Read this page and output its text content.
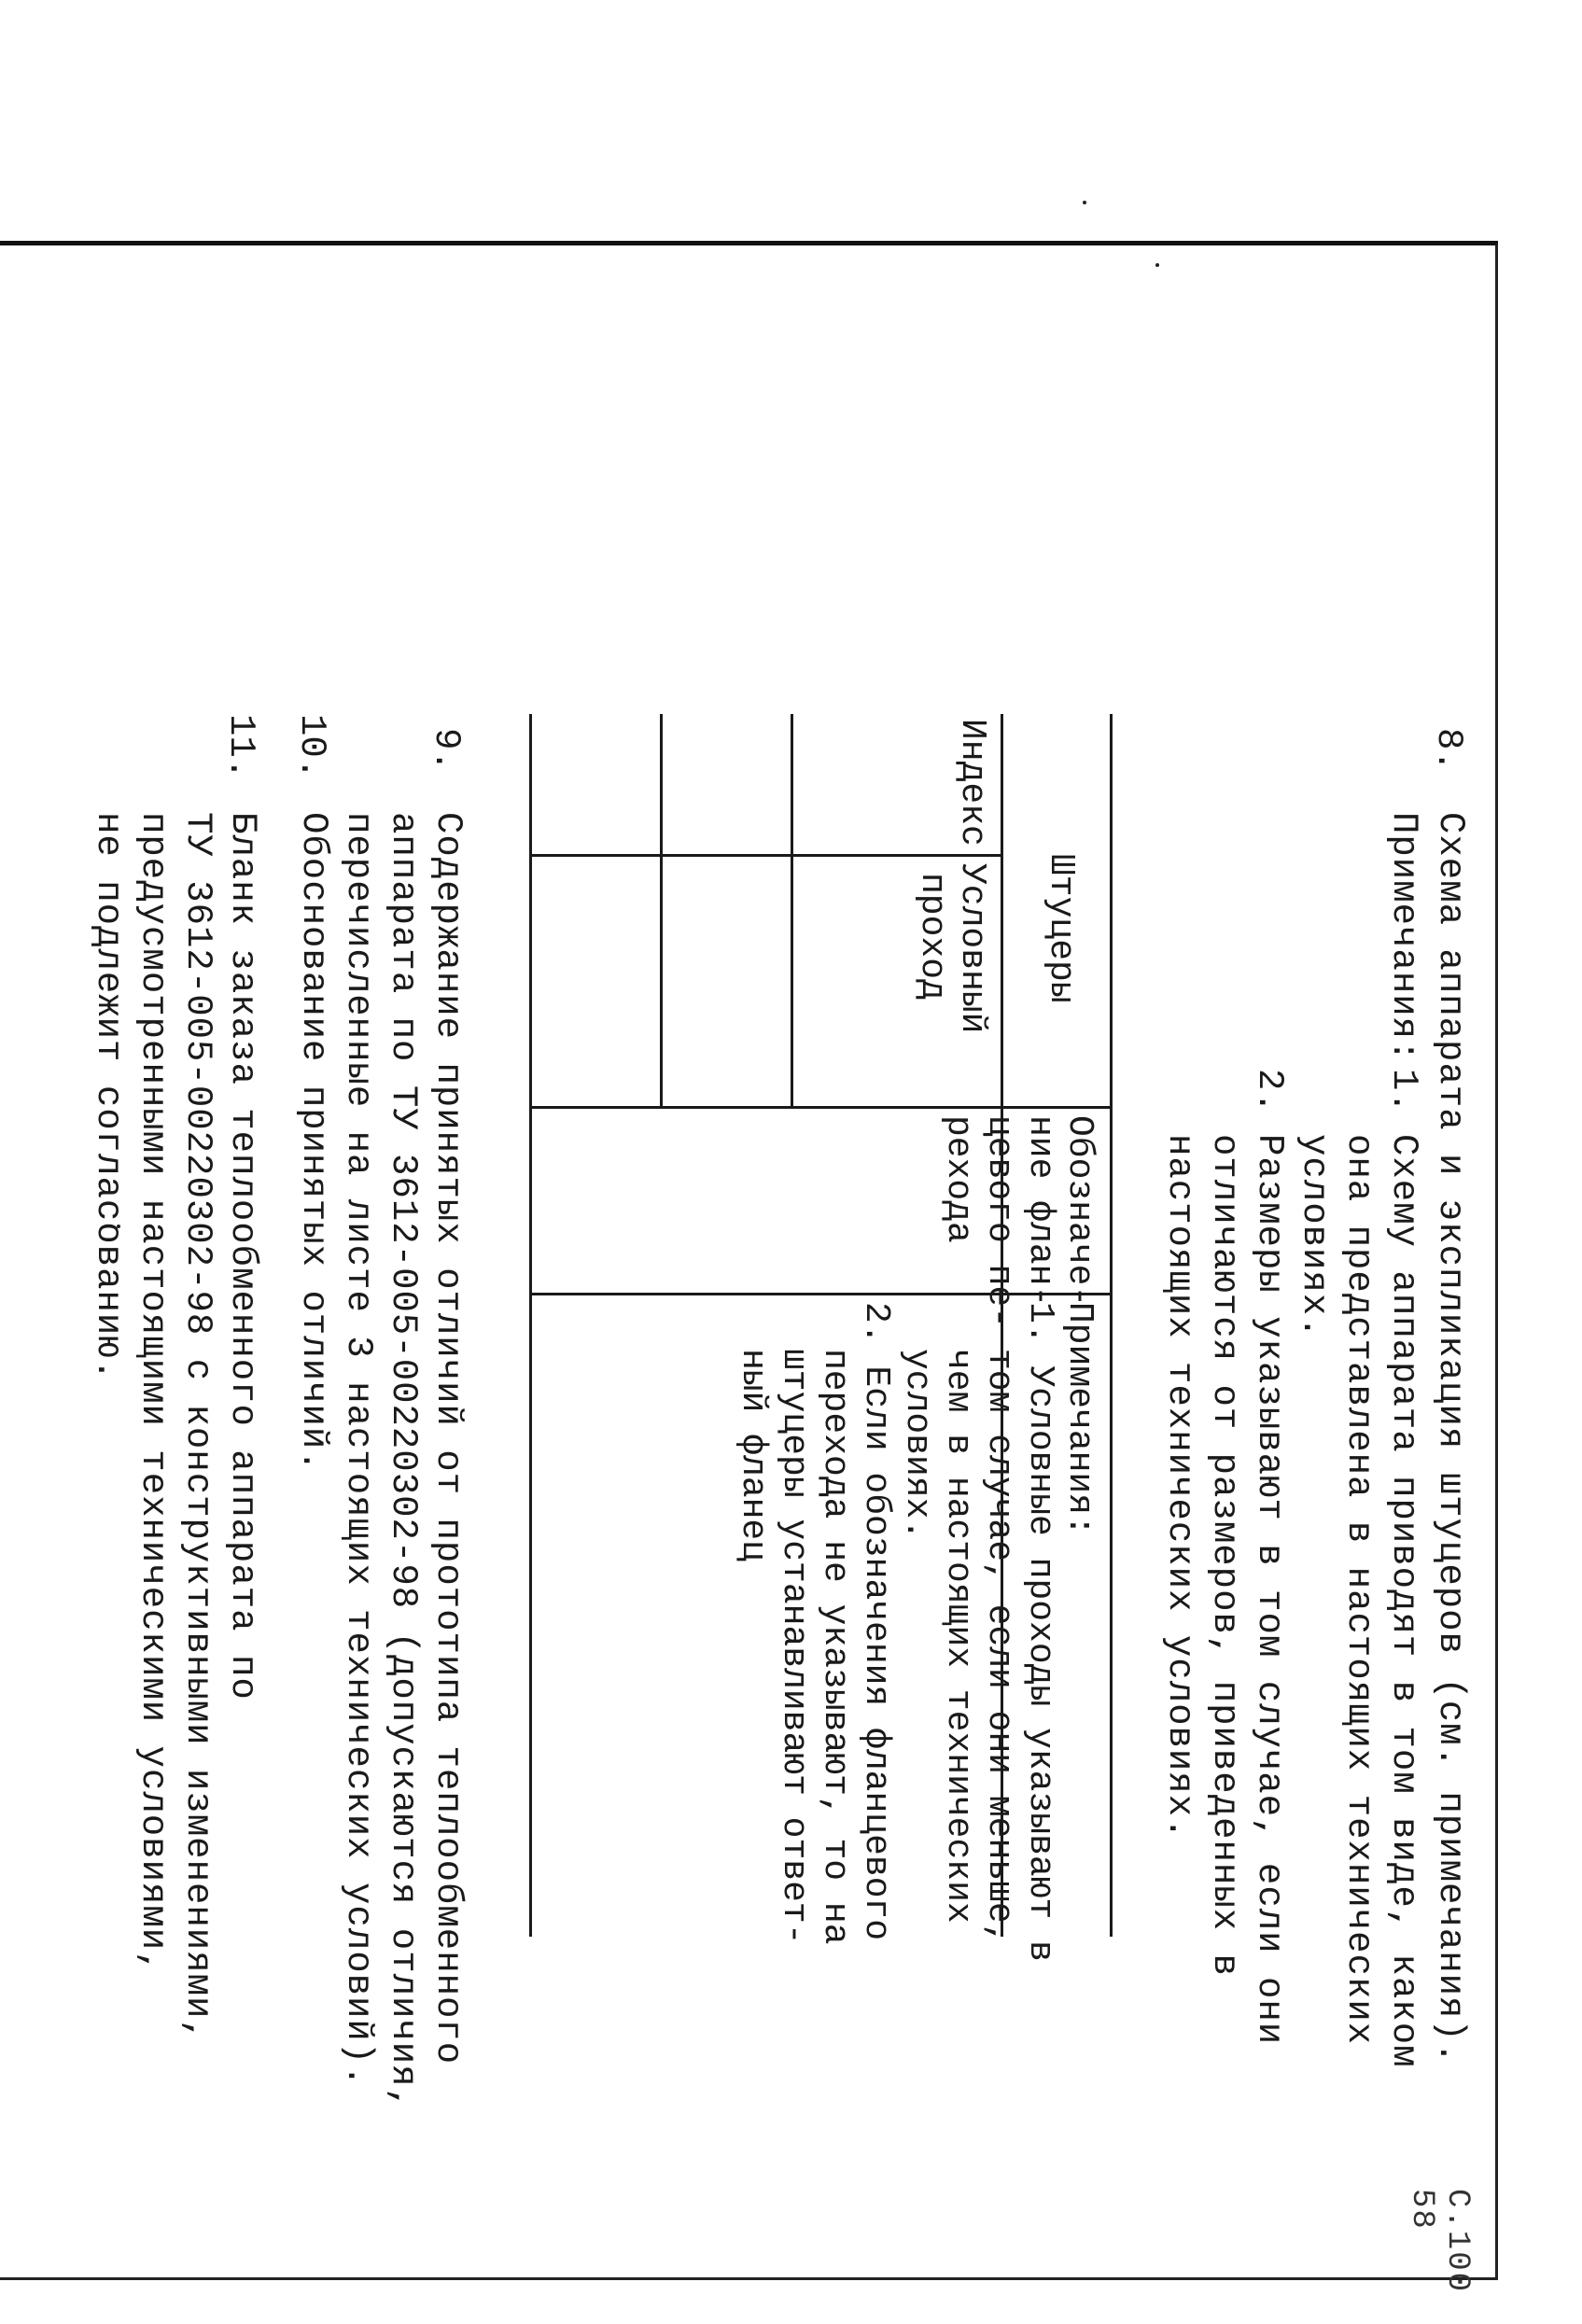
С.100 58
8.
Схема аппарата и экспликация штуцеров (см. примечания).
Примечания:
1.
Схему аппарата приводят в том виде, каком
она представлена в настоящих технических
условиях.
2.
Размеры указывают в том случае, если они
отличаются от размеров, приведенных в
настоящих технических условиях.
Штуцеры
Индекс
Условный
проход
Обозначе-
ние флан-
цевого пе-
рехода
Примечания:
1. Условные проходы указывают в
том случае, если они меньше,
чем в настоящих технических
условиях.
2. Если обозначения фланцевого
перехода не указывают, то на
штуцеры устанавливают ответ-
ный фланец
9.
Содержание принятых отличий от прототипа теплообменного
аппарата по ТУ 3612-005-00220302-98 (допускаются отличия,
перечисленные на листе 3 настоящих технических условий).
10.
Обоснование принятых отличий.
11.
Бланк заказа теплообменного аппарата по
ТУ 3612-005-00220302-98 с конструктивными изменениями,
предусмотренными настоящими техническими условиями,
не подлежит согласованию.
